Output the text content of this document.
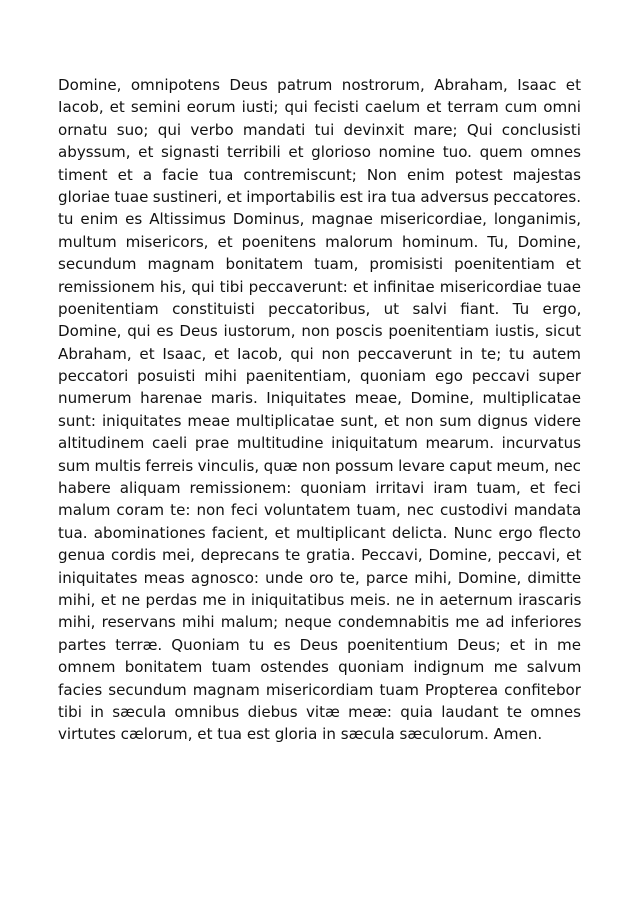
Domine, omnipotens Deus patrum nostrorum, Abraham, Isaac et
Iacob, et semini eorum iusti; qui fecisti caelum et terram cum omni
ornatu suo; qui verbo mandati tui devinxit mare; Qui conclusisti
abyssum, et signasti terribili et glorioso nomine tuo. quem omnes
timent et a facie tua contremiscunt; Non enim potest majestas
gloriae tuae sustineri, et importabilis est ira tua adversus peccatores.
tu enim es Altissimus Dominus, magnae misericordiae, longanimis,
multum misericors, et poenitens malorum hominum. Tu, Domine,
secundum magnam bonitatem tuam, promisisti poenitentiam et
remissionem his, qui tibi peccaverunt: et infinitae misericordiae tuae
poenitentiam constituisti peccatoribus, ut salvi fiant. Tu ergo,
Domine, qui es Deus iustorum, non poscis poenitentiam iustis, sicut
Abraham, et Isaac, et Iacob, qui non peccaverunt in te; tu autem
peccatori posuisti mihi paenitentiam, quoniam ego peccavi super
numerum harenae maris. Iniquitates meae, Domine, multiplicatae
sunt: iniquitates meae multiplicatae sunt, et non sum dignus videre
altitudinem caeli prae multitudine iniquitatum mearum. incurvatus
sum multis ferreis vinculis, quæ non possum levare caput meum, nec
habere aliquam remissionem: quoniam irritavi iram tuam, et feci
malum coram te: non feci voluntatem tuam, nec custodivi mandata
tua. abominationes facient, et multiplicant delicta. Nunc ergo flecto
genua cordis mei, deprecans te gratia. Peccavi, Domine, peccavi, et
iniquitates meas agnosco: unde oro te, parce mihi, Domine, dimitte
mihi, et ne perdas me in iniquitatibus meis. ne in aeternum irascaris
mihi, reservans mihi malum; neque condemnabitis me ad inferiores
partes terræ. Quoniam tu es Deus poenitentium Deus; et in me
omnem bonitatem tuam ostendes quoniam indignum me salvum
facies secundum magnam misericordiam tuam Propterea confitebor
tibi in sæcula omnibus diebus vitæ meæ: quia laudant te omnes
virtutes cælorum, et tua est gloria in sæcula sæculorum. Amen.
